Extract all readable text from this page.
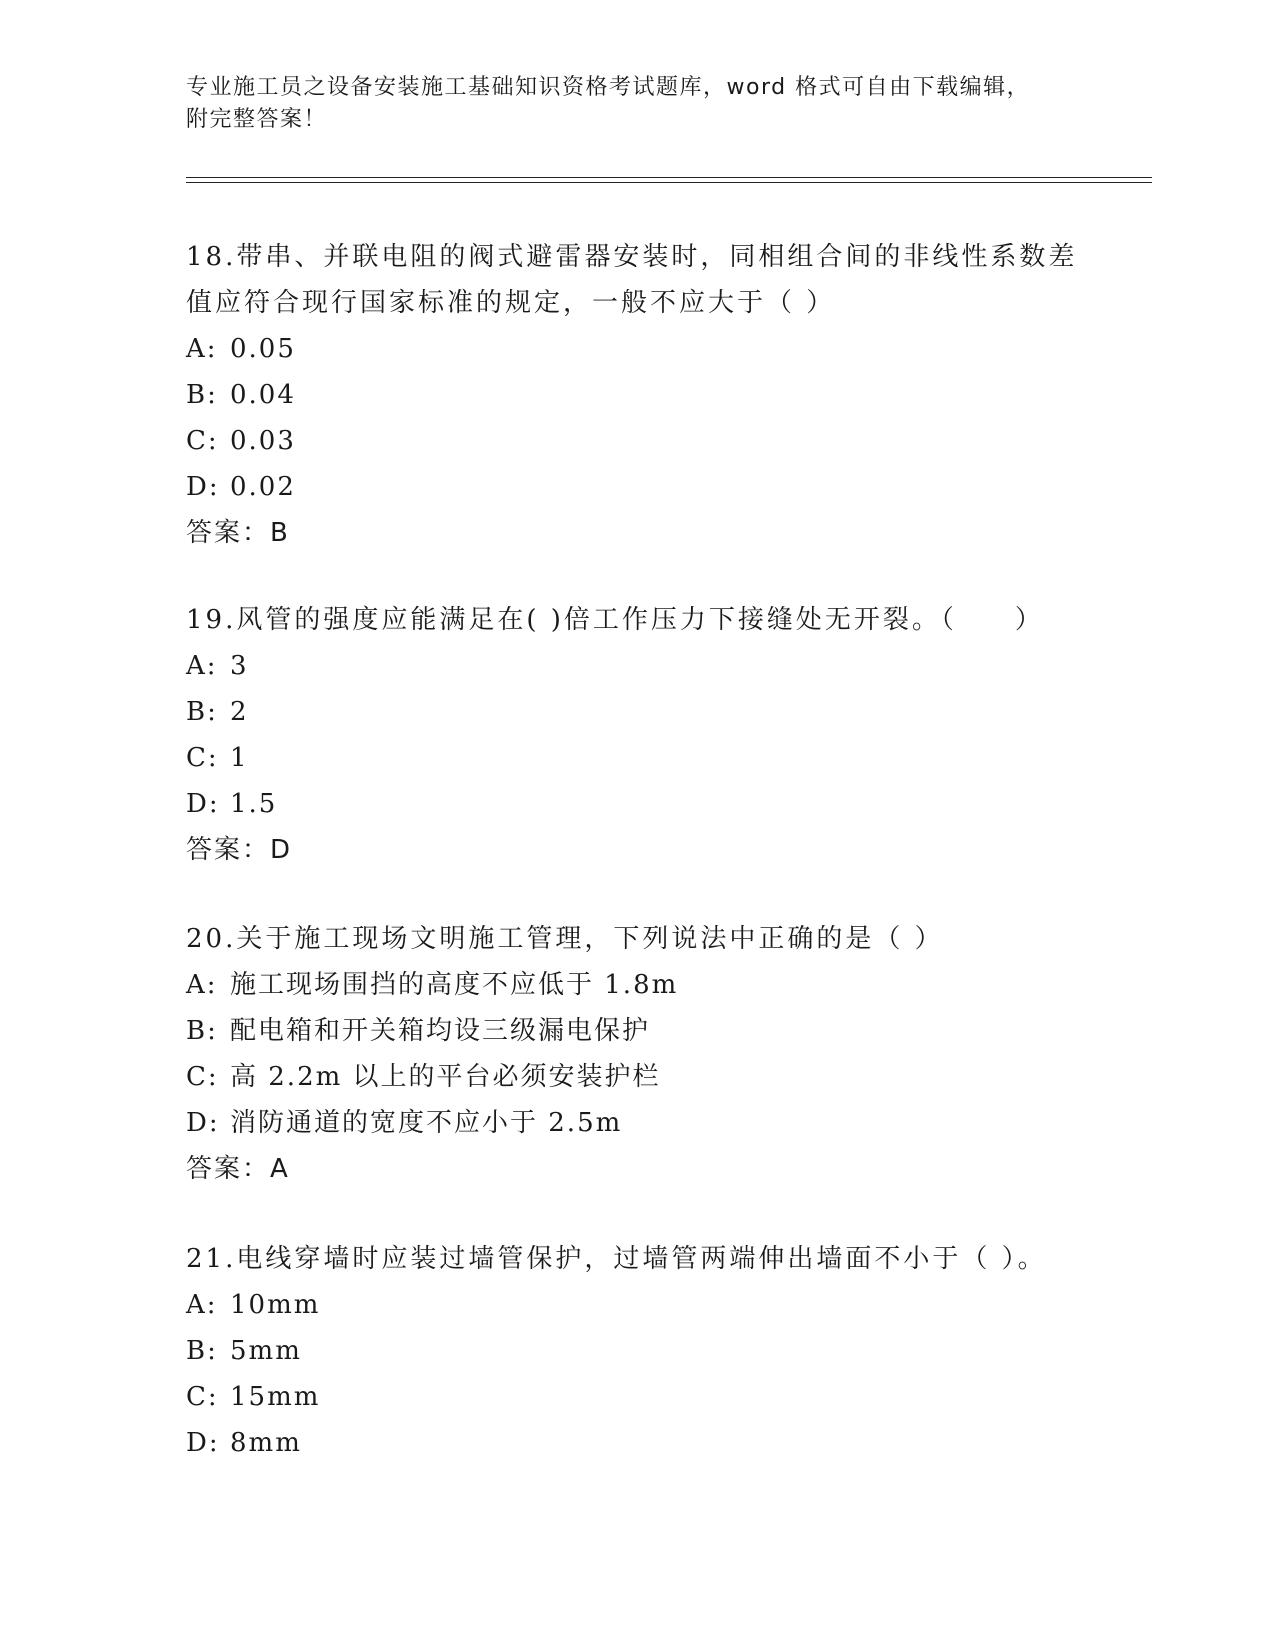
专业施工员之设备安装施工基础知识资格考试题库，word 格式可自由下载编辑，
附完整答案！
18.带串、并联电阻的阀式避雷器安装时，同相组合间的非线性系数差
值应符合现行国家标准的规定，一般不应大于（ ）
A: 0.05
B: 0.04
C: 0.03
D: 0.02
答案：B
19.风管的强度应能满足在( )倍工作压力下接缝处无开裂。（　　）
A: 3
B: 2
C: 1
D: 1.5
答案：D
20.关于施工现场文明施工管理，下列说法中正确的是（ ）
A: 施工现场围挡的高度不应低于 1.8m
B: 配电箱和开关箱均设三级漏电保护
C: 高 2.2m 以上的平台必须安装护栏
D: 消防通道的宽度不应小于 2.5m
答案：A
21.电线穿墙时应装过墙管保护，过墙管两端伸出墙面不小于（ ）。
A: 10mm
B: 5mm
C: 15mm
D: 8mm
